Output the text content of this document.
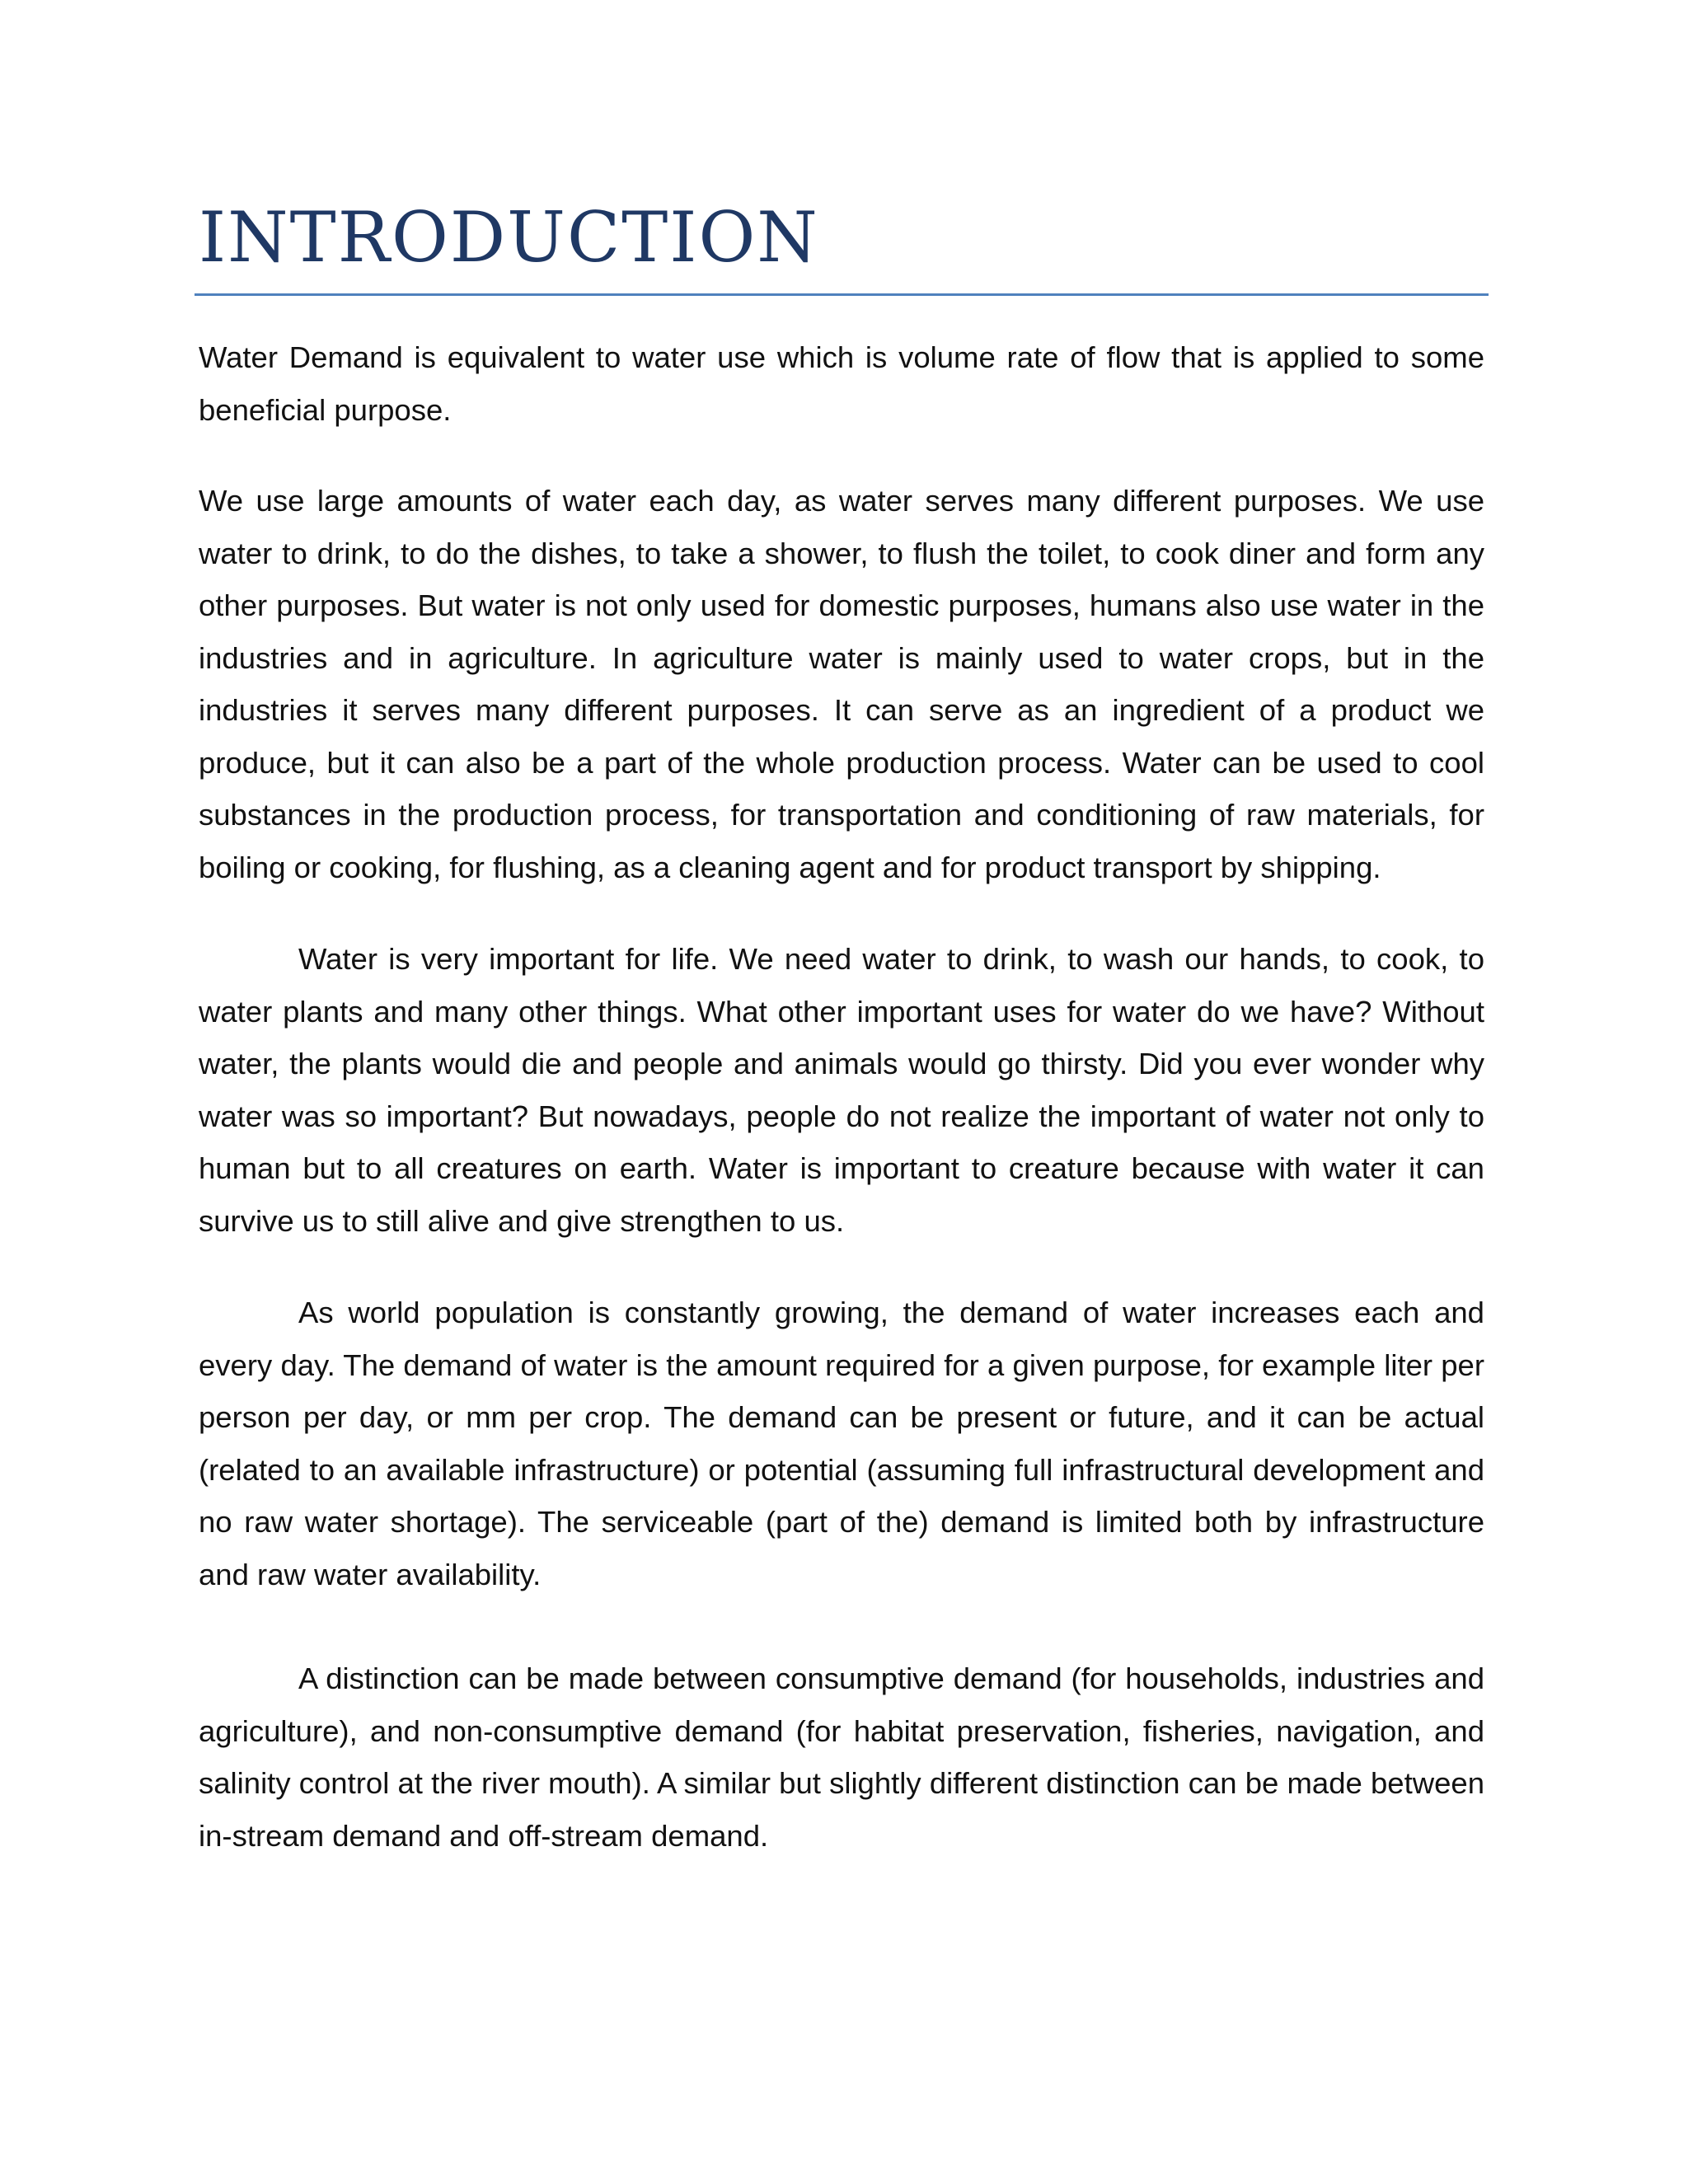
INTRODUCTION

Water Demand is equivalent to water use which is volume rate of flow that is applied to some beneficial purpose.

We use large amounts of water each day, as water serves many different purposes. We use water to drink, to do the dishes, to take a shower, to flush the toilet, to cook diner and form any other purposes. But water is not only used for domestic purposes, humans also use water in the industries and in agriculture. In agriculture water is mainly used to water crops, but in the industries it serves many different purposes. It can serve as an ingredient of a product we produce, but it can also be a part of the whole production process. Water can be used to cool substances in the production process, for transportation and conditioning of raw materials, for boiling or cooking, for flushing, as a cleaning agent and for product transport by shipping.

Water is very important for life. We need water to drink, to wash our hands, to cook, to water plants and many other things. What other important uses for water do we have? Without water, the plants would die and people and animals would go thirsty. Did you ever wonder why water was so important? But nowadays, people do not realize the important of water not only to human but to all creatures on earth. Water is important to creature because with water it can survive us to still alive and give strengthen to us.

As world population is constantly growing, the demand of water increases each and every day. The demand of water is the amount required for a given purpose, for example liter per person per day, or mm per crop. The demand can be present or future, and it can be actual (related to an available infrastructure) or potential (assuming full infrastructural development and no raw water shortage). The serviceable (part of the) demand is limited both by infrastructure and raw water availability.

A distinction can be made between consumptive demand (for households, industries and agriculture), and non-consumptive demand (for habitat preservation, fisheries, navigation, and salinity control at the river mouth). A similar but slightly different distinction can be made between in-stream demand and off-stream demand.
